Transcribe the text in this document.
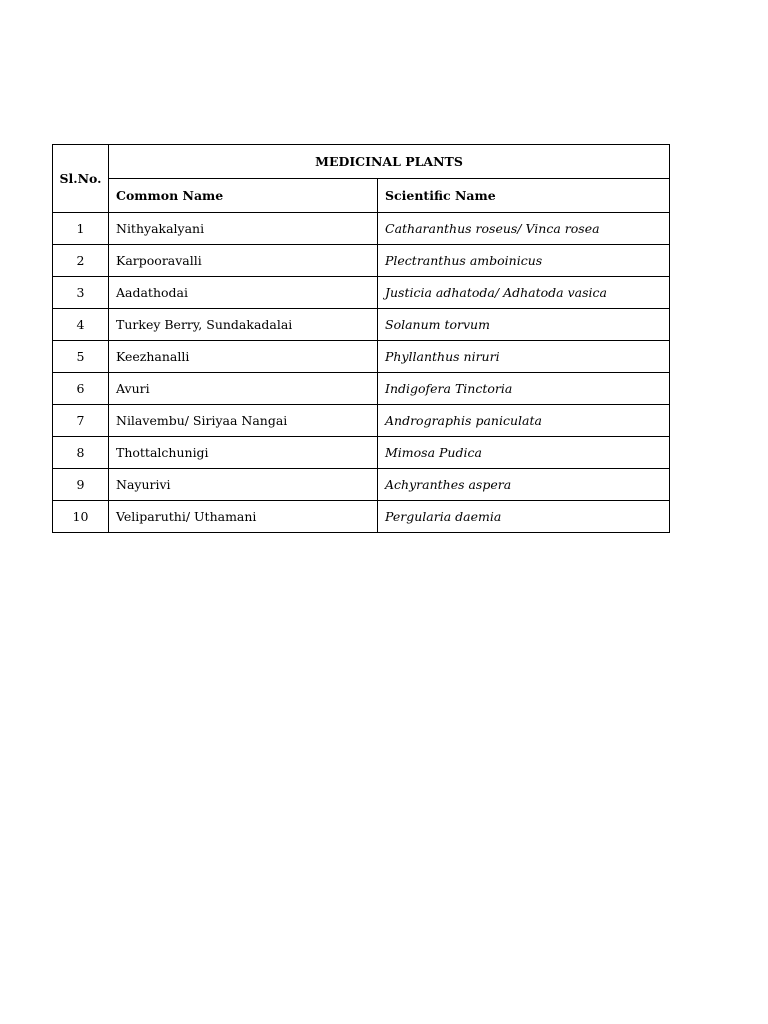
Sl.No.	MEDICINAL PLANTS	
	Common Name	Scientific Name
1	Nithyakalyani	Catharanthus roseus/ Vinca rosea
2	Karpooravalli	Plectranthus amboinicus
3	Aadathodai	Justicia adhatoda/ Adhatoda vasica
4	Turkey Berry, Sundakadalai	Solanum torvum
5	Keezhanalli	Phyllanthus niruri
6	Avuri	Indigofera Tinctoria
7	Nilavembu/ Siriyaa Nangai	Andrographis paniculata
8	Thottalchunigi	Mimosa Pudica
9	Nayurivi	Achyranthes aspera
10	Veliparuthi/ Uthamani	Pergularia daemia
